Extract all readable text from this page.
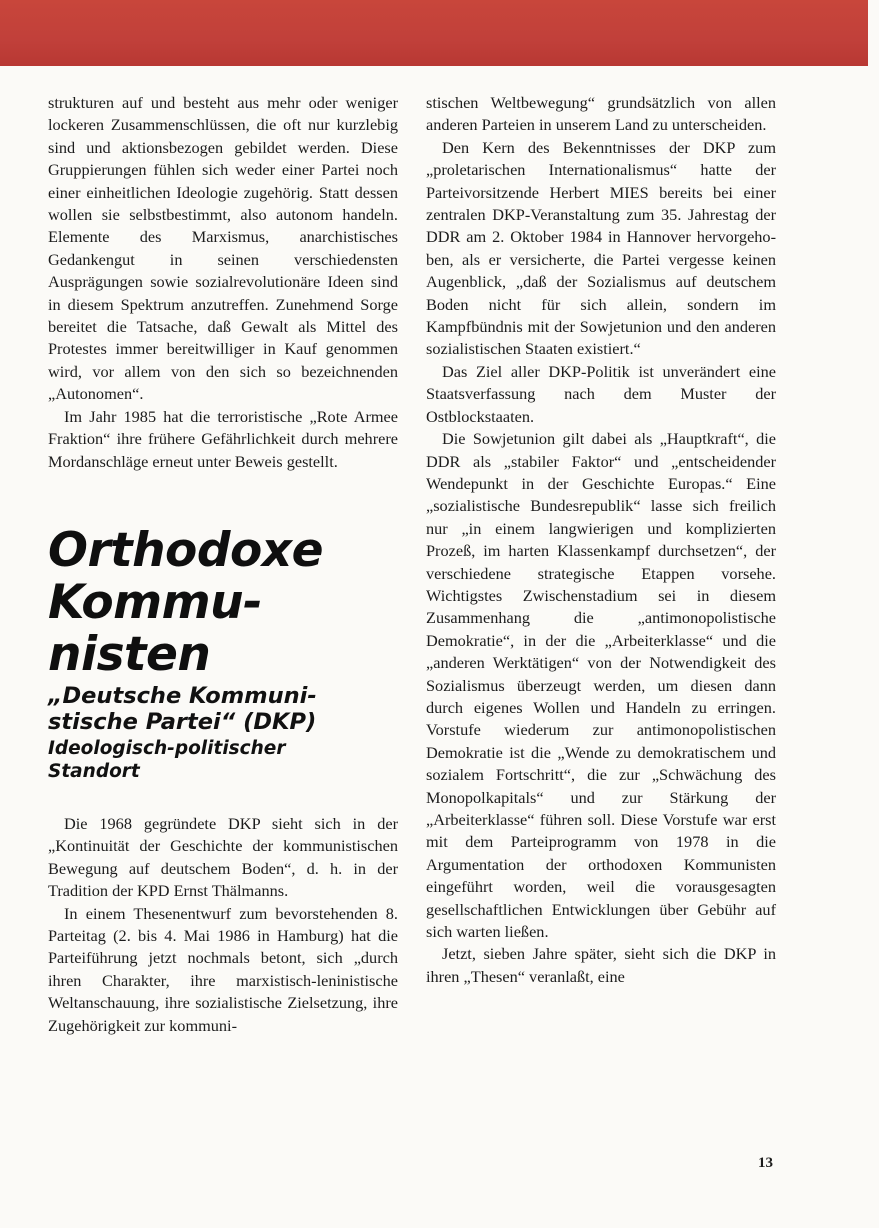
strukturen auf und besteht aus mehr oder weniger lockeren Zusammenschlüssen, die oft nur kurzlebig sind und aktionsbezogen gebildet werden. Diese Gruppierungen fühlen sich weder einer Partei noch einer einheitlichen Ideologie zugehörig. Statt dessen wollen sie selbstbestimmt, also autonom handeln. Elemente des Marxismus, anarchistisches Gedankengut in seinen verschiedensten Ausprägungen sowie sozialrevolutionäre Ideen sind in diesem Spektrum anzutreffen. Zunehmend Sorge bereitet die Tatsache, daß Gewalt als Mittel des Protestes immer bereitwilliger in Kauf genommen wird, vor allem von den sich so bezeichnenden „Autonomen“.

Im Jahr 1985 hat die terroristische „Rote Armee Fraktion“ ihre frühere Gefährlichkeit durch mehrere Mordanschläge erneut unter Beweis gestellt.

Orthodoxe
Kommu-
nisten
„Deutsche Kommuni-
stische Partei“ (DKP)
Ideologisch-politischer
Standort

Die 1968 gegründete DKP sieht sich in der „Kontinuität der Geschichte der kommunistischen Bewegung auf deutschem Boden“, d. h. in der Tradition der KPD Ernst Thälmanns.

In einem Thesenentwurf zum bevorstehenden 8. Parteitag (2. bis 4. Mai 1986 in Hamburg) hat die Parteiführung jetzt nochmals betont, sich „durch ihren Charakter, ihre marxistisch-leninistische Weltanschauung, ihre sozialistische Zielsetzung, ihre Zugehörigkeit zur kommuni-

stischen Weltbewegung“ grundsätzlich von allen anderen Parteien in unserem Land zu unterscheiden.

Den Kern des Bekenntnisses der DKP zum „proletarischen Internationalismus“ hatte der Parteivorsitzende Herbert MIES bereits bei einer zentralen DKP-Veranstaltung zum 35. Jahrestag der DDR am 2. Oktober 1984 in Hannover hervorgehoben, als er versicherte, die Partei vergesse keinen Augenblick, „daß der Sozialismus auf deutschem Boden nicht für sich allein, sondern im Kampfbündnis mit der Sowjetunion und den anderen sozialistischen Staaten existiert.“

Das Ziel aller DKP-Politik ist unverändert eine Staatsverfassung nach dem Muster der Ostblockstaaten.

Die Sowjetunion gilt dabei als „Hauptkraft“, die DDR als „stabiler Faktor“ und „entscheidender Wendepunkt in der Geschichte Europas.“ Eine „sozialistische Bundesrepublik“ lasse sich freilich nur „in einem langwierigen und komplizierten Prozeß, im harten Klassenkampf durchsetzen“, der verschiedene strategische Etappen vorsehe. Wichtigstes Zwischenstadium sei in diesem Zusammenhang die „antimonopolistische Demokratie“, in der die „Arbeiterklasse“ und die „anderen Werktätigen“ von der Notwendigkeit des Sozialismus überzeugt werden, um diesen dann durch eigenes Wollen und Handeln zu erringen. Vorstufe wiederum zur antimonopolistischen Demokratie ist die „Wende zu demokratischem und sozialem Fortschritt“, die zur „Schwächung des Monopolkapitals“ und zur Stärkung der „Arbeiterklasse“ führen soll. Diese Vorstufe war erst mit dem Parteiprogramm von 1978 in die Argumentation der orthodoxen Kommunisten eingeführt worden, weil die vorausgesagten gesellschaftlichen Entwicklungen über Gebühr auf sich warten ließen.

Jetzt, sieben Jahre später, sieht sich die DKP in ihren „Thesen“ veranlaßt, eine

13
